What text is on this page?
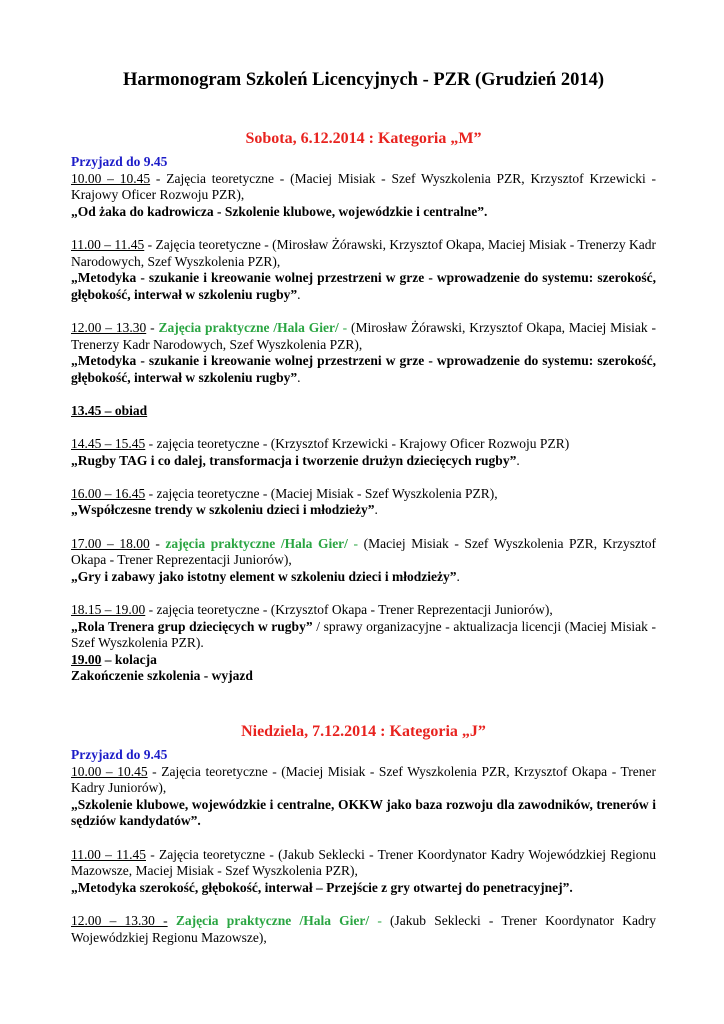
Harmonogram Szkoleń Licencyjnych - PZR (Grudzień 2014)

Sobota, 6.12.2014 : Kategoria „M”

Przyjazd do 9.45

10.00 – 10.45 - Zajęcia teoretyczne - (Maciej Misiak - Szef Wyszkolenia PZR, Krzysztof Krzewicki - Krajowy Oficer Rozwoju PZR),
„Od żaka do kadrowicza - Szkolenie klubowe, wojewódzkie i centralne”.

11.00 – 11.45 - Zajęcia teoretyczne - (Mirosław Żórawski, Krzysztof Okapa, Maciej Misiak - Trenerzy Kadr Narodowych, Szef Wyszkolenia PZR),
„Metodyka - szukanie i kreowanie wolnej przestrzeni w grze - wprowadzenie do systemu: szerokość, głębokość, interwał w szkoleniu rugby”.

12.00 – 13.30 - Zajęcia praktyczne /Hala Gier/ - (Mirosław Żórawski, Krzysztof Okapa, Maciej Misiak - Trenerzy Kadr Narodowych, Szef Wyszkolenia PZR),
„Metodyka - szukanie i kreowanie wolnej przestrzeni w grze - wprowadzenie do systemu: szerokość, głębokość, interwał w szkoleniu rugby”.

13.45 – obiad

14.45 – 15.45 - zajęcia teoretyczne - (Krzysztof Krzewicki - Krajowy Oficer Rozwoju PZR)
„Rugby TAG i co dalej, transformacja i tworzenie drużyn dziecięcych rugby”.

16.00 – 16.45 - zajęcia teoretyczne - (Maciej Misiak - Szef Wyszkolenia PZR),
„Współczesne trendy w szkoleniu dzieci i młodzieży”.

17.00 – 18.00 - zajęcia praktyczne /Hala Gier/ - (Maciej Misiak - Szef Wyszkolenia PZR, Krzysztof Okapa - Trener Reprezentacji Juniorów),
„Gry i zabawy jako istotny element w szkoleniu dzieci i młodzieży”.

18.15 – 19.00 - zajęcia teoretyczne - (Krzysztof Okapa - Trener Reprezentacji Juniorów),
„Rola Trenera grup dziecięcych w rugby” / sprawy organizacyjne - aktualizacja licencji (Maciej Misiak - Szef Wyszkolenia PZR).

19.00 – kolacja

Zakończenie szkolenia - wyjazd

Niedziela, 7.12.2014 : Kategoria „J”

Przyjazd do 9.45

10.00 – 10.45 - Zajęcia teoretyczne - (Maciej Misiak - Szef Wyszkolenia PZR, Krzysztof Okapa - Trener Kadry Juniorów),
„Szkolenie klubowe, wojewódzkie i centralne, OKKW jako baza rozwoju dla zawodników, trenerów i sędziów kandydatów”.

11.00 – 11.45 - Zajęcia teoretyczne - (Jakub Seklecki - Trener Koordynator Kadry Wojewódzkiej Regionu Mazowsze, Maciej Misiak - Szef Wyszkolenia PZR),
„Metodyka szerokość, głębokość, interwał – Przejście z gry otwartej do penetracyjnej”.

12.00 – 13.30 - Zajęcia praktyczne /Hala Gier/ - (Jakub Seklecki - Trener Koordynator Kadry Wojewódzkiej Regionu Mazowsze),
